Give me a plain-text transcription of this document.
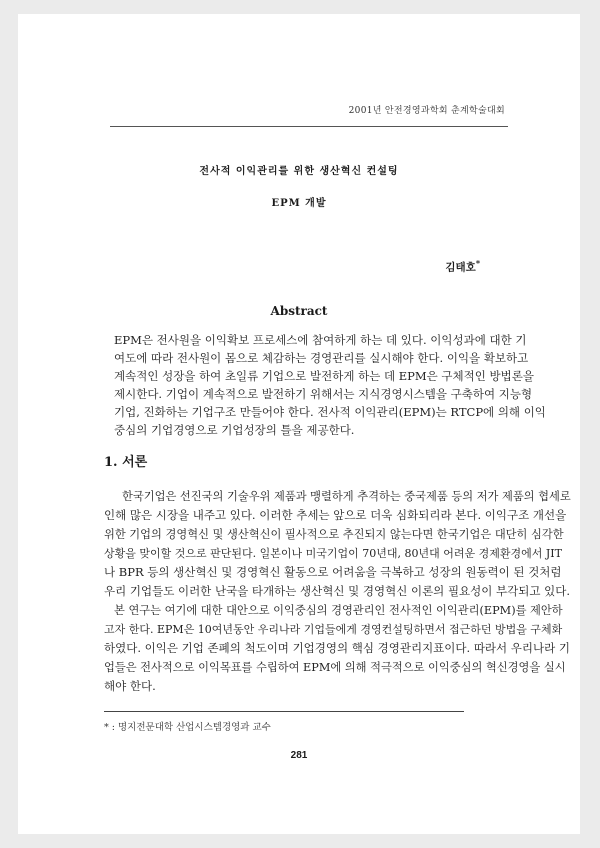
2001년 안전경영과학회 춘계학술대회
전사적 이익관리를 위한 생산혁신 컨설팅
EPM 개발
김태호*
Abstract
EPM은 전사원을 이익확보 프로세스에 참여하게 하는 데 있다. 이익성과에 대한 기
여도에 따라 전사원이 몸으로 체감하는 경영관리를 실시해야 한다. 이익을 확보하고
계속적인 성장을 하여 초일류 기업으로 발전하게 하는 데 EPM은 구체적인 방법론을
제시한다. 기업이 계속적으로 발전하기 위해서는 지식경영시스템을 구축하여 지능형
기업, 진화하는 기업구조 만들어야 한다. 전사적 이익관리(EPM)는 RTCP에 의해 이익
중심의 기업경영으로 기업성장의 틀을 제공한다.
1. 서론
한국기업은 선진국의 기술우위 제품과 맹렬하게 추격하는 중국제품 등의 저가 제품의 협세로
인해 많은 시장을 내주고 있다. 이러한 추세는 앞으로 더욱 심화되리라 본다. 이익구조 개선을
위한 기업의 경영혁신 및 생산혁신이 필사적으로 추진되지 않는다면 한국기업은 대단히 심각한
상황을 맞이할 것으로 판단된다. 일본이나 미국기업이 70년대, 80년대 어려운 경제환경에서 JIT
나 BPR 등의 생산혁신 및 경영혁신 활동으로 어려움을 극복하고 성장의 원동력이 된 것처럼
우리 기업들도 이러한 난국을 타개하는 생산혁신 및 경영혁신 이론의 필요성이 부각되고 있다.
본 연구는 여기에 대한 대안으로 이익중심의 경영관리인 전사적인 이익관리(EPM)를 제안하
고자 한다. EPM은 10여년동안 우리나라 기업들에게 경영컨설팅하면서 접근하던 방법을 구체화
하였다. 이익은 기업 존폐의 척도이며 기업경영의 핵심 경영관리지표이다. 따라서 우리나라 기
업들은 전사적으로 이익목표를 수립하여 EPM에 의해 적극적으로 이익중심의 혁신경영을 실시
해야 한다.
* : 명지전문대학 산업시스템경영과 교수
281
